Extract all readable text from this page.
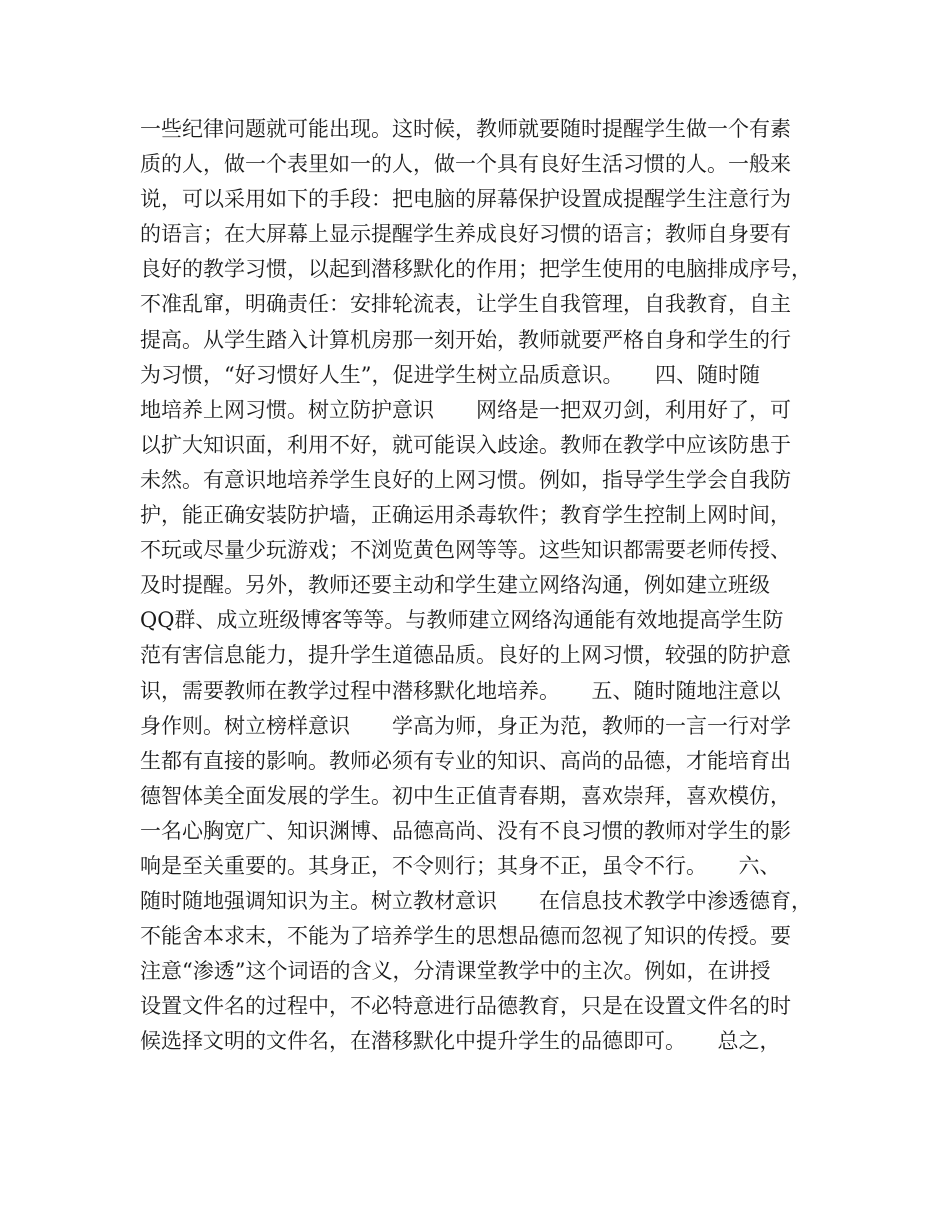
一些纪律问题就可能出现。这时候，教师就要随时提醒学生做一个有素
质的人，做一个表里如一的人，做一个具有良好生活习惯的人。一般来
说，可以采用如下的手段：把电脑的屏幕保护设置成提醒学生注意行为
的语言；在大屏幕上显示提醒学生养成良好习惯的语言；教师自身要有
良好的教学习惯，以起到潜移默化的作用；把学生使用的电脑排成序号，
不准乱窜，明确责任：安排轮流表，让学生自我管理，自我教育，自主
提高。从学生踏入计算机房那一刻开始，教师就要严格自身和学生的行
为习惯，“好习惯好人生”，促进学生树立品质意识。　　四、随时随
地培养上网习惯。树立防护意识　　网络是一把双刃剑，利用好了，可
以扩大知识面，利用不好，就可能误入歧途。教师在教学中应该防患于
未然。有意识地培养学生良好的上网习惯。例如，指导学生学会自我防
护，能正确安装防护墙，正确运用杀毒软件；教育学生控制上网时间，
不玩或尽量少玩游戏；不浏览黄色网等等。这些知识都需要老师传授、
及时提醒。另外，教师还要主动和学生建立网络沟通，例如建立班级
QQ群、成立班级博客等等。与教师建立网络沟通能有效地提高学生防
范有害信息能力，提升学生道德品质。良好的上网习惯，较强的防护意
识，需要教师在教学过程中潜移默化地培养。　　五、随时随地注意以
身作则。树立榜样意识　　学高为师，身正为范，教师的一言一行对学
生都有直接的影响。教师必须有专业的知识、高尚的品德，才能培育出
德智体美全面发展的学生。初中生正值青春期，喜欢崇拜，喜欢模仿，
一名心胸宽广、知识渊博、品德高尚、没有不良习惯的教师对学生的影
响是至关重要的。其身正，不令则行；其身不正，虽令不行。　　六、
随时随地强调知识为主。树立教材意识　　在信息技术教学中渗透德育，
不能舍本求末，不能为了培养学生的思想品德而忽视了知识的传授。要
注意“渗透”这个词语的含义，分清课堂教学中的主次。例如，在讲授
设置文件名的过程中，不必特意进行品德教育，只是在设置文件名的时
候选择文明的文件名，在潜移默化中提升学生的品德即可。　　总之，
